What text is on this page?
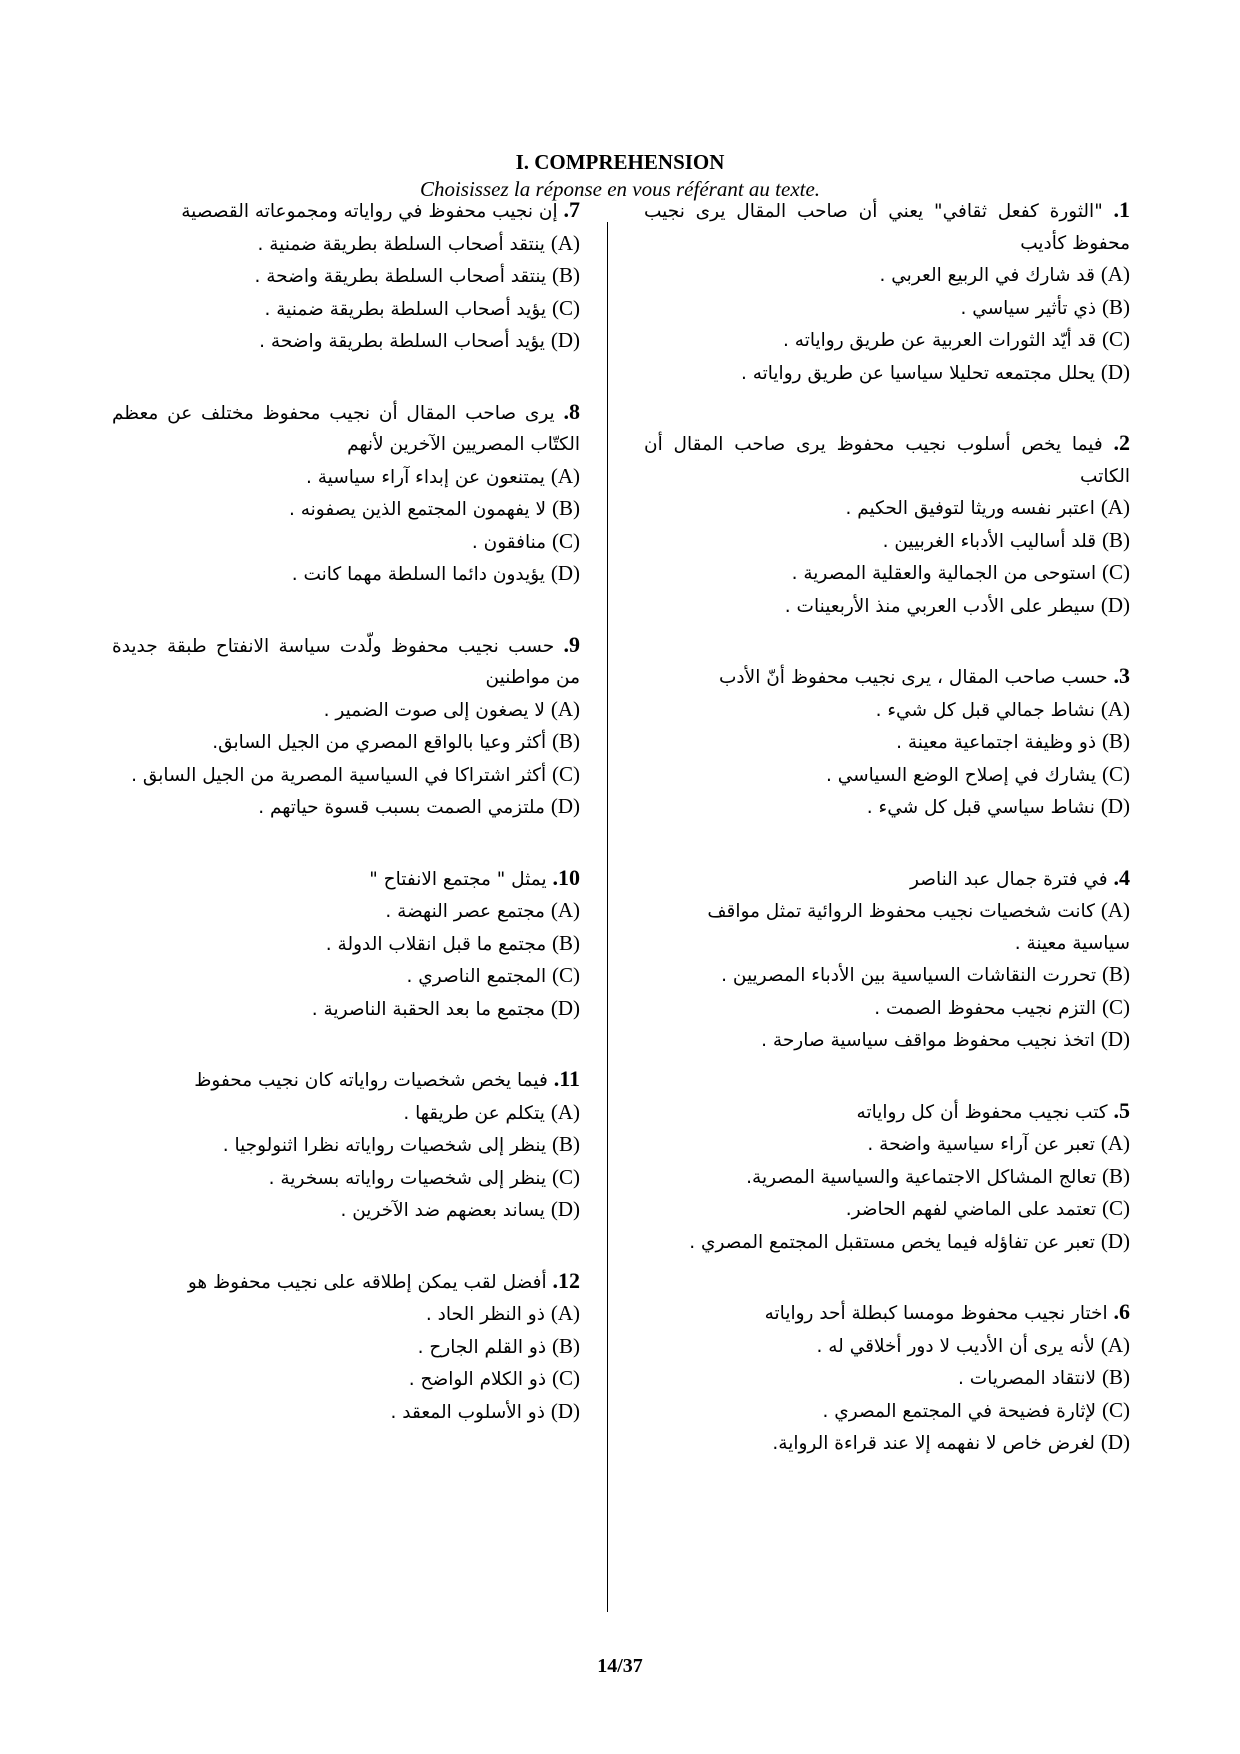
I. COMPREHENSION
Choisissez la réponse en vous référant au texte.
1. "الثورة كفعل ثقافي" يعني أن صاحب المقال يرى نجيب محفوظ كأديب
(A) قد شارك في الربيع العربي .
(B) ذي تأثير سياسي .
(C) قد أيّد الثورات العربية عن طريق رواياته .
(D) يحلل مجتمعه تحليلا سياسيا عن طريق رواياته .
2. فيما يخص أسلوب نجيب محفوظ يرى صاحب المقال أن الكاتب
(A) اعتبر نفسه وريثا لتوفيق الحكيم .
(B) قلد أساليب الأدباء الغربيين .
(C) استوحى من الجمالية والعقلية المصرية .
(D) سيطر على الأدب العربي منذ الأربعينات .
3. حسب صاحب المقال ، يرى نجيب محفوظ أنّ الأدب
(A) نشاط جمالي قبل كل شيء .
(B) ذو وظيفة اجتماعية معينة .
(C) يشارك في إصلاح الوضع السياسي .
(D) نشاط سياسي قبل كل شيء .
4. في فترة جمال عبد الناصر
(A) كانت شخصيات نجيب محفوظ الروائية تمثل مواقف سياسية معينة .
(B) تحررت النقاشات السياسية بين الأدباء المصريين .
(C) التزم نجيب محفوظ الصمت .
(D) اتخذ نجيب محفوظ مواقف سياسية صارحة .
5. كتب نجيب محفوظ أن كل رواياته
(A) تعبر عن آراء سياسية واضحة .
(B) تعالج المشاكل الاجتماعية والسياسية المصرية.
(C) تعتمد على الماضي لفهم الحاضر.
(D) تعبر عن تفاؤله فيما يخص مستقبل المجتمع المصري .
6. اختار نجيب محفوظ مومسا كبطلة أحد رواياته
(A) لأنه يرى أن الأديب لا دور أخلاقي له .
(B) لانتقاد المصريات .
(C) لإثارة فضيحة في المجتمع المصري .
(D) لغرض خاص لا نفهمه إلا عند قراءة الرواية.
7. إن نجيب محفوظ في رواياته ومجموعاته القصصية
(A) ينتقد أصحاب السلطة بطريقة ضمنية .
(B) ينتقد أصحاب السلطة بطريقة واضحة .
(C) يؤيد أصحاب السلطة بطريقة ضمنية .
(D) يؤيد أصحاب السلطة بطريقة واضحة .
8. يرى صاحب المقال أن نجيب محفوظ مختلف عن معظم الكتّاب المصريين الآخرين لأنهم
(A) يمتنعون عن إبداء آراء سياسية .
(B) لا يفهمون المجتمع الذين يصفونه .
(C) منافقون .
(D) يؤيدون دائما السلطة مهما كانت .
9. حسب نجيب محفوظ ولّدت سياسة الانفتاح طبقة جديدة من مواطنين
(A) لا يصغون إلى صوت الضمير .
(B) أكثر وعيا بالواقع المصري من الجيل السابق.
(C) أكثر اشتراكا في السياسية المصرية من الجيل السابق .
(D) ملتزمي الصمت بسبب قسوة حياتهم .
10. يمثل " مجتمع الانفتاح "
(A) مجتمع عصر النهضة .
(B) مجتمع ما قبل انقلاب الدولة .
(C) المجتمع الناصري .
(D) مجتمع ما بعد الحقبة الناصرية .
11. فيما يخص شخصيات رواياته كان نجيب محفوظ
(A) يتكلم عن طريقها .
(B) ينظر إلى شخصيات رواياته نظرا اثنولوجيا .
(C) ينظر إلى شخصيات رواياته بسخرية .
(D) يساند بعضهم ضد الآخرين .
12. أفضل لقب يمكن إطلاقه على نجيب محفوظ هو
(A) ذو النظر الحاد .
(B) ذو القلم الجارح .
(C) ذو الكلام الواضح .
(D) ذو الأسلوب المعقد .
14/37
